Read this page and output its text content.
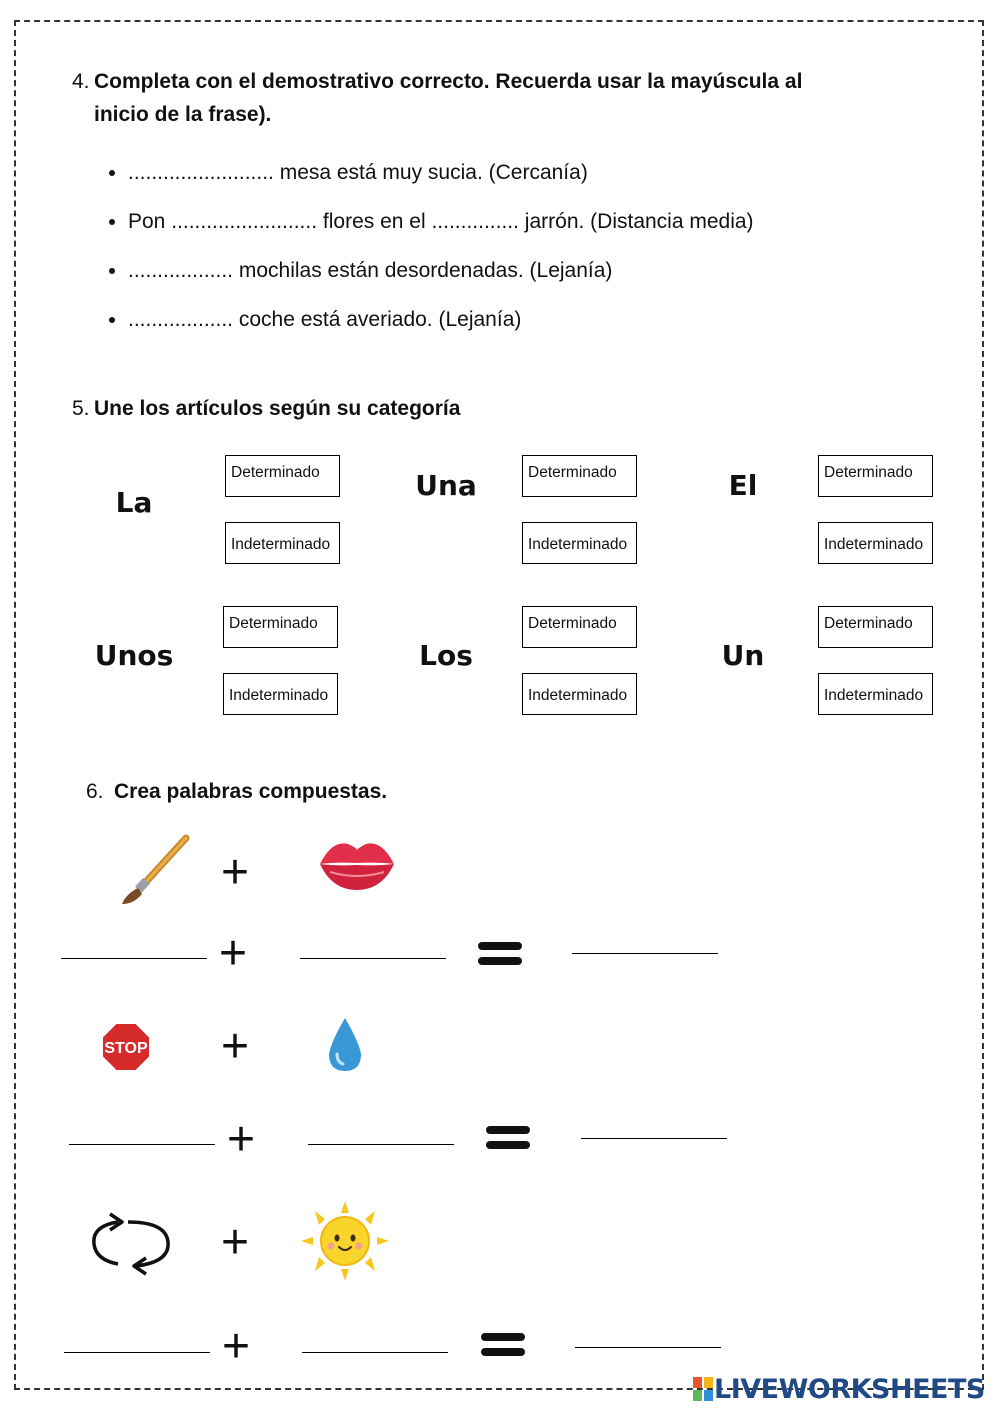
4. Completa con el demostrativo correcto. Recuerda usar la mayúscula al
inicio de la frase).
• ......................... mesa está muy sucia. (Cercanía)
• Pon ......................... flores en el ............... jarrón. (Distancia media)
• .................. mochilas están desordenadas. (Lejanía)
• .................. coche está averiado. (Lejanía)
5. Une los artículos según su categoría
La
Determinado
Indeterminado
Una	Determinado
Indeterminado
El	Determinado
Indeterminado
Unos
Determinado
Indeterminado
Los
Determinado
Indeterminado
Un
Determinado
Indeterminado
6. Crea palabras compuestas.
+
+
STOP +
+
+
+
LIVEWORKSHEETS
